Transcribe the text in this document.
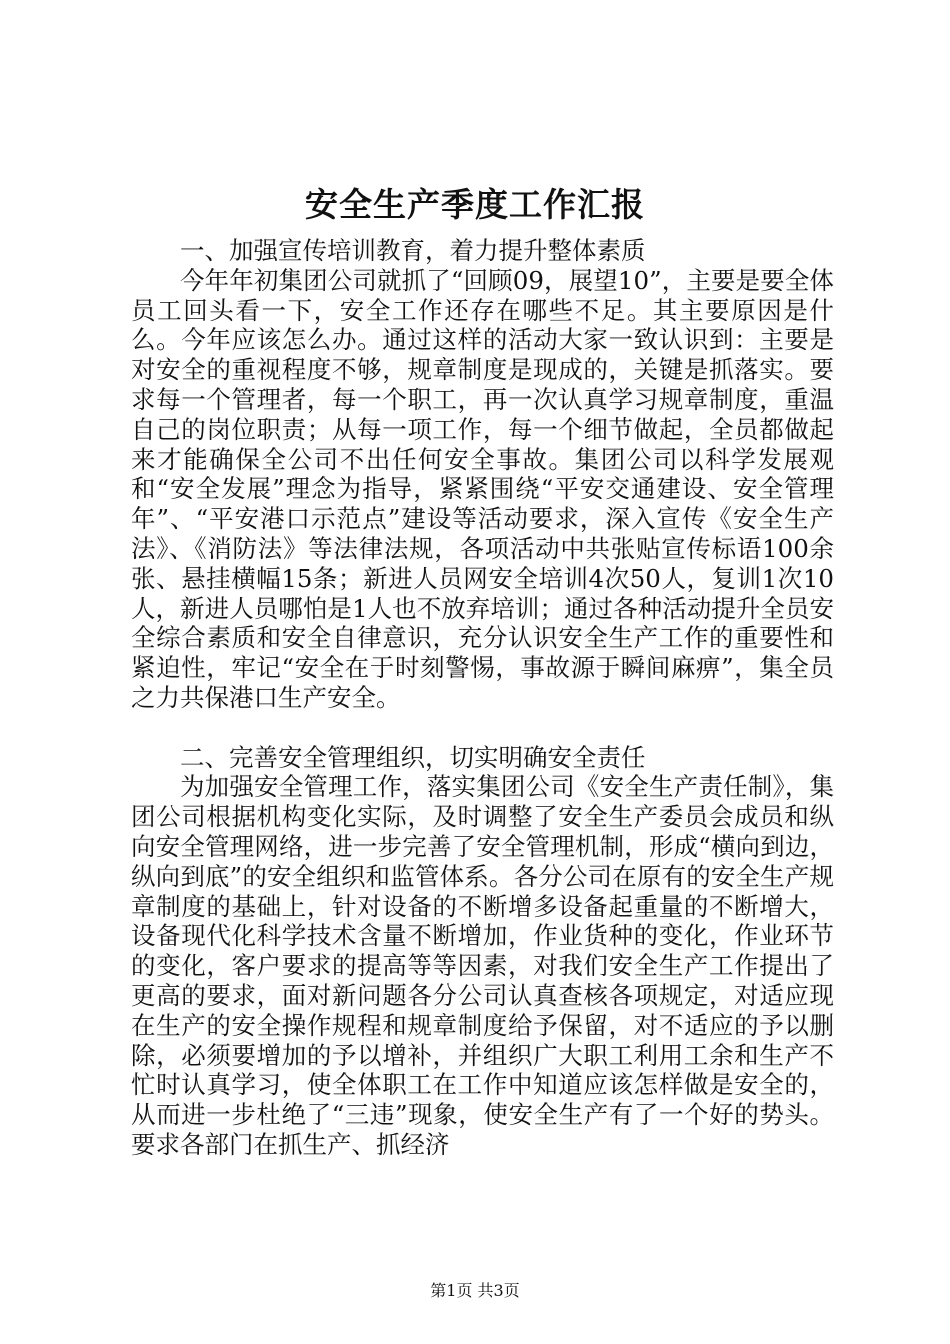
安全生产季度工作汇报

一、加强宣传培训教育，着力提升整体素质

今年年初集团公司就抓了“回顾09，展望10”，主要是要全体员工回头看一下，安全工作还存在哪些不足。其主要原因是什么。今年应该怎么办。通过这样的活动大家一致认识到：主要是对安全的重视程度不够，规章制度是现成的，关键是抓落实。要求每一个管理者，每一个职工，再一次认真学习规章制度，重温自己的岗位职责；从每一项工作，每一个细节做起，全员都做起来才能确保全公司不出任何安全事故。集团公司以科学发展观和“安全发展”理念为指导，紧紧围绕“平安交通建设、安全管理年”、“平安港口示范点”建设等活动要求，深入宣传《安全生产法》、《消防法》等法律法规，各项活动中共张贴宣传标语100余张、悬挂横幅15条；新进人员网安全培训4次50人，复训1次10人，新进人员哪怕是1人也不放弃培训；通过各种活动提升全员安全综合素质和安全自律意识，充分认识安全生产工作的重要性和紧迫性，牢记“安全在于时刻警惕，事故源于瞬间麻痹”，集全员之力共保港口生产安全。

二、完善安全管理组织，切实明确安全责任

为加强安全管理工作，落实集团公司《安全生产责任制》，集团公司根据机构变化实际，及时调整了安全生产委员会成员和纵向安全管理网络，进一步完善了安全管理机制，形成“横向到边，纵向到底”的安全组织和监管体系。各分公司在原有的安全生产规章制度的基础上，针对设备的不断增多设备起重量的不断增大，设备现代化科学技术含量不断增加，作业货种的变化，作业环节的变化，客户要求的提高等等因素，对我们安全生产工作提出了更高的要求，面对新问题各分公司认真查核各项规定，对适应现在生产的安全操作规程和规章制度给予保留，对不适应的予以删除，必须要增加的予以增补，并组织广大职工利用工余和生产不忙时认真学习，使全体职工在工作中知道应该怎样做是安全的，从而进一步杜绝了“三违”现象，使安全生产有了一个好的势头。要求各部门在抓生产、抓经济

第1页 共3页
